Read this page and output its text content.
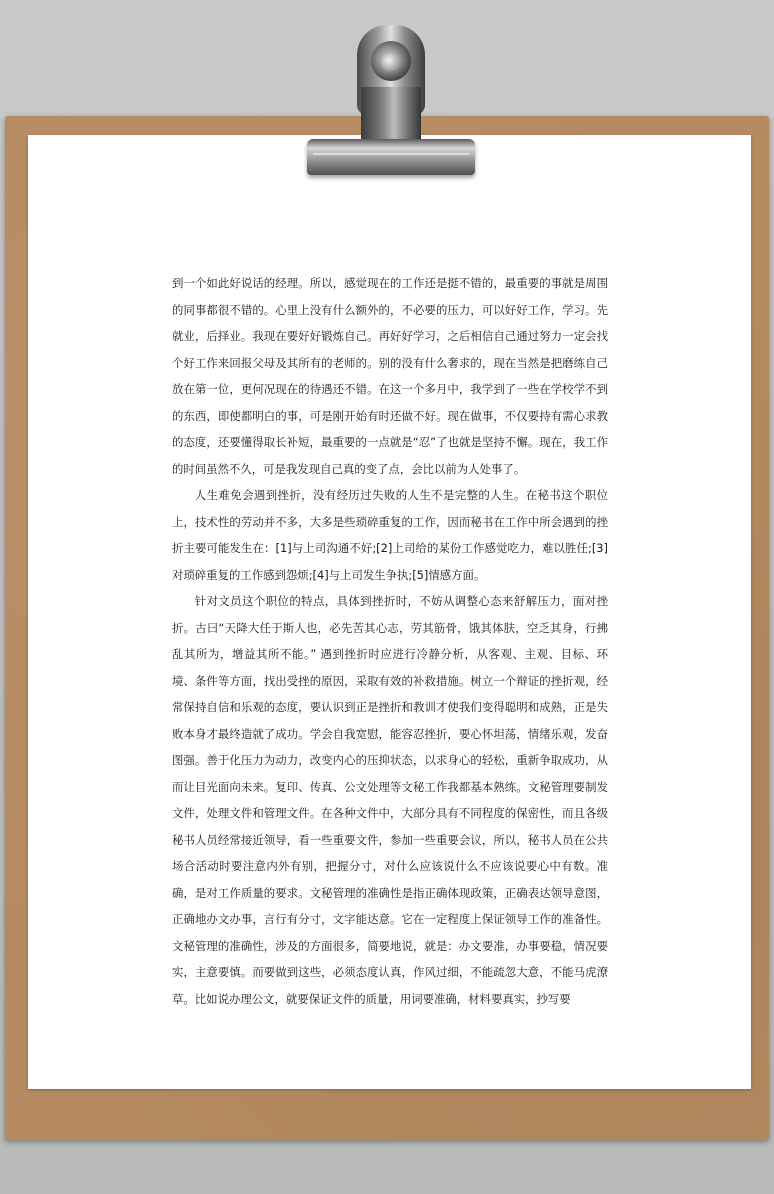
到一个如此好说话的经理。所以，感觉现在的工作还是挺不错的，最重要的事就是周围的同事都很不错的。心里上没有什么额外的，不必要的压力，可以好好工作，学习。先就业，后择业。我现在要好好锻炼自己。再好好学习，之后相信自己通过努力一定会找个好工作来回报父母及其所有的老师的。别的没有什么奢求的，现在当然是把磨练自己放在第一位，更何况现在的待遇还不错。在这一个多月中，我学到了一些在学校学不到的东西，即使都明白的事，可是刚开始有时还做不好。现在做事，不仅要持有需心求教的态度，还要懂得取长补短，最重要的一点就是“忍”了也就是坚持不懈。现在，我工作的时间虽然不久，可是我发现自己真的变了点，会比以前为人处事了。

人生难免会遇到挫折，没有经历过失败的人生不是完整的人生。在秘书这个职位上，技术性的劳动并不多，大多是些琐碎重复的工作，因而秘书在工作中所会遇到的挫折主要可能发生在：[1]与上司沟通不好;[2]上司给的某份工作感觉吃力，难以胜任;[3]对琐碎重复的工作感到怨烦;[4]与上司发生争执;[5]情感方面。

针对文员这个职位的特点，具体到挫折时，不妨从调整心态来舒解压力，面对挫折。古曰“天降大任于斯人也，必先苦其心志，劳其筋骨，饿其体肤，空乏其身，行拂乱其所为，增益其所不能。” 遇到挫折时应进行冷静分析，从客观、主观、目标、环境、条件等方面，找出受挫的原因，采取有效的补救措施。树立一个辩证的挫折观，经常保持自信和乐观的态度，要认识到正是挫折和教训才使我们变得聪明和成熟，正是失败本身才最终造就了成功。学会自我宽慰，能容忍挫折，要心怀坦荡，情绪乐观，发奋图强。善于化压力为动力，改变内心的压抑状态，以求身心的轻松，重新争取成功，从而让目光面向未来。复印、传真、公文处理等文秘工作我都基本熟练。文秘管理要制发文件，处理文件和管理文件。在各种文件中，大部分具有不同程度的保密性，而且各级秘书人员经常接近领导，看一些重要文件，参加一些重要会议，所以，秘书人员在公共场合活动时要注意内外有别，把握分寸，对什么应该说什么不应该说要心中有数。准确，是对工作质量的要求。文秘管理的准确性是指正确体现政策，正确表达领导意图，正确地办文办事，言行有分寸，文字能达意。它在一定程度上保证领导工作的准备性。文秘管理的准确性，涉及的方面很多，简要地说，就是：办文要准，办事要稳，情况要实，主意要慎。而要做到这些，必须态度认真，作风过细，不能疏忽大意，不能马虎潦草。比如说办理公文，就要保证文件的质量，用词要准确，材料要真实，抄写要
